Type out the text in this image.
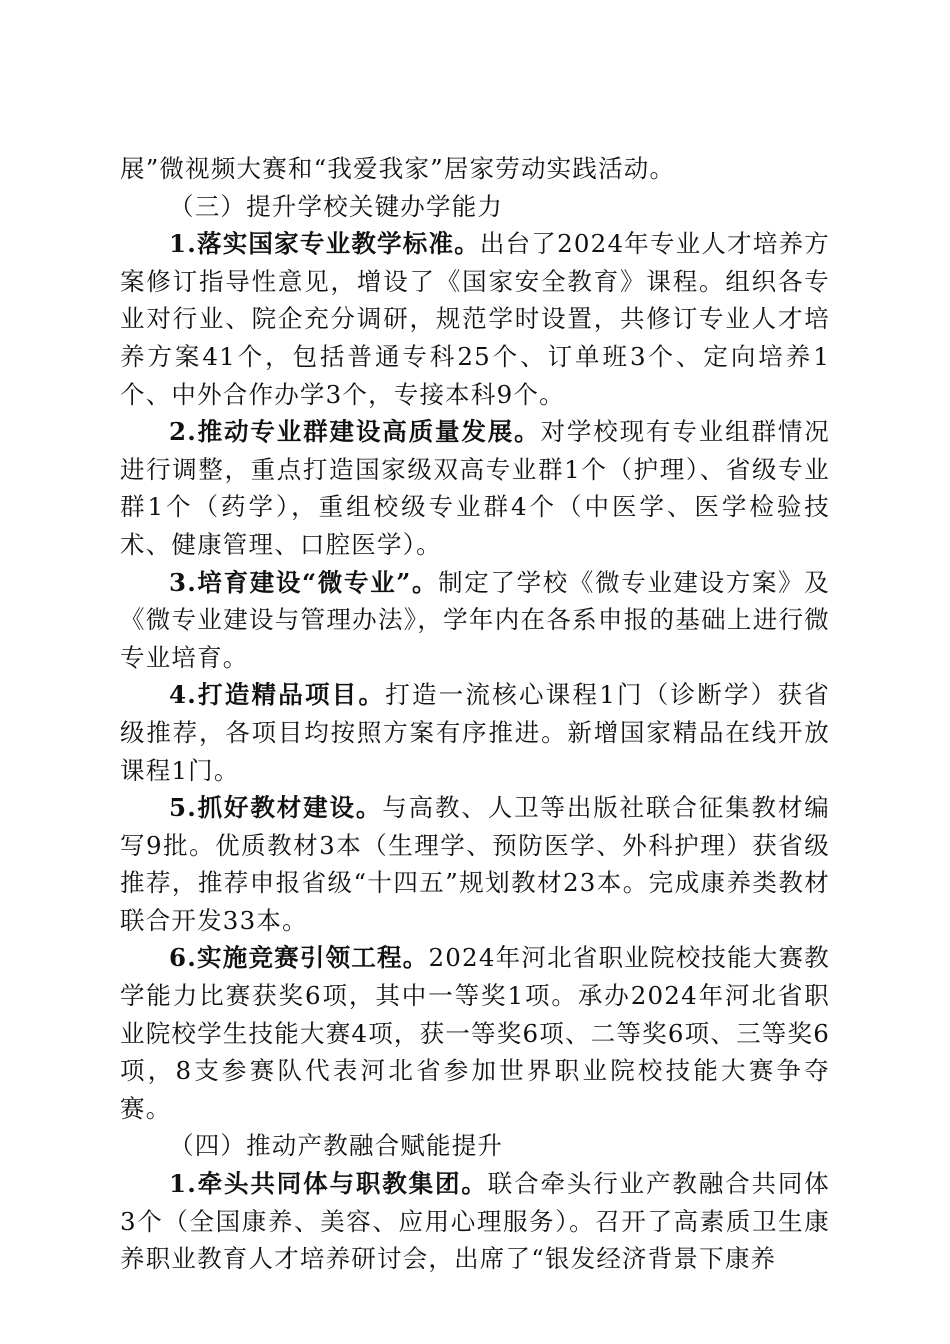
展”微视频大赛和“我爱我家”居家劳动实践活动。

（三）提升学校关键办学能力

1.落实国家专业教学标准。出台了2024年专业人才培养方案修订指导性意见，增设了《国家安全教育》课程。组织各专业对行业、院企充分调研，规范学时设置，共修订专业人才培养方案41个，包括普通专科25个、订单班3个、定向培养1个、中外合作办学3个，专接本科9个。

2.推动专业群建设高质量发展。对学校现有专业组群情况进行调整，重点打造国家级双高专业群1个（护理）、省级专业群1个（药学），重组校级专业群4个（中医学、医学检验技术、健康管理、口腔医学）。

3.培育建设“微专业”。制定了学校《微专业建设方案》及《微专业建设与管理办法》，学年内在各系申报的基础上进行微专业培育。

4.打造精品项目。打造一流核心课程1门（诊断学）获省级推荐，各项目均按照方案有序推进。新增国家精品在线开放课程1门。

5.抓好教材建设。与高教、人卫等出版社联合征集教材编写9批。优质教材3本（生理学、预防医学、外科护理）获省级推荐，推荐申报省级“十四五”规划教材23本。完成康养类教材联合开发33本。

6.实施竞赛引领工程。2024年河北省职业院校技能大赛教学能力比赛获奖6项，其中一等奖1项。承办2024年河北省职业院校学生技能大赛4项，获一等奖6项、二等奖6项、三等奖6项，8支参赛队代表河北省参加世界职业院校技能大赛争夺赛。

（四）推动产教融合赋能提升

1.牵头共同体与职教集团。联合牵头行业产教融合共同体3个（全国康养、美容、应用心理服务）。召开了高素质卫生康养职业教育人才培养研讨会，出席了“银发经济背景下康养
